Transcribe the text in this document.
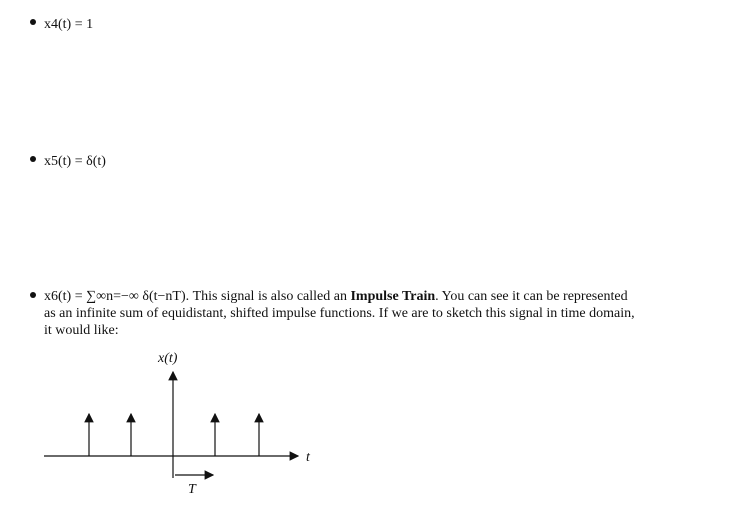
x4(t) = 1
x5(t) = δ(t)
x6(t) = ∑∞n=−∞ δ(t−nT). This signal is also called an Impulse Train. You can see it can be represented
as an infinite sum of equidistant, shifted impulse functions. If we are to sketch this signal in time domain,
it would like:
t
x(t)
T
